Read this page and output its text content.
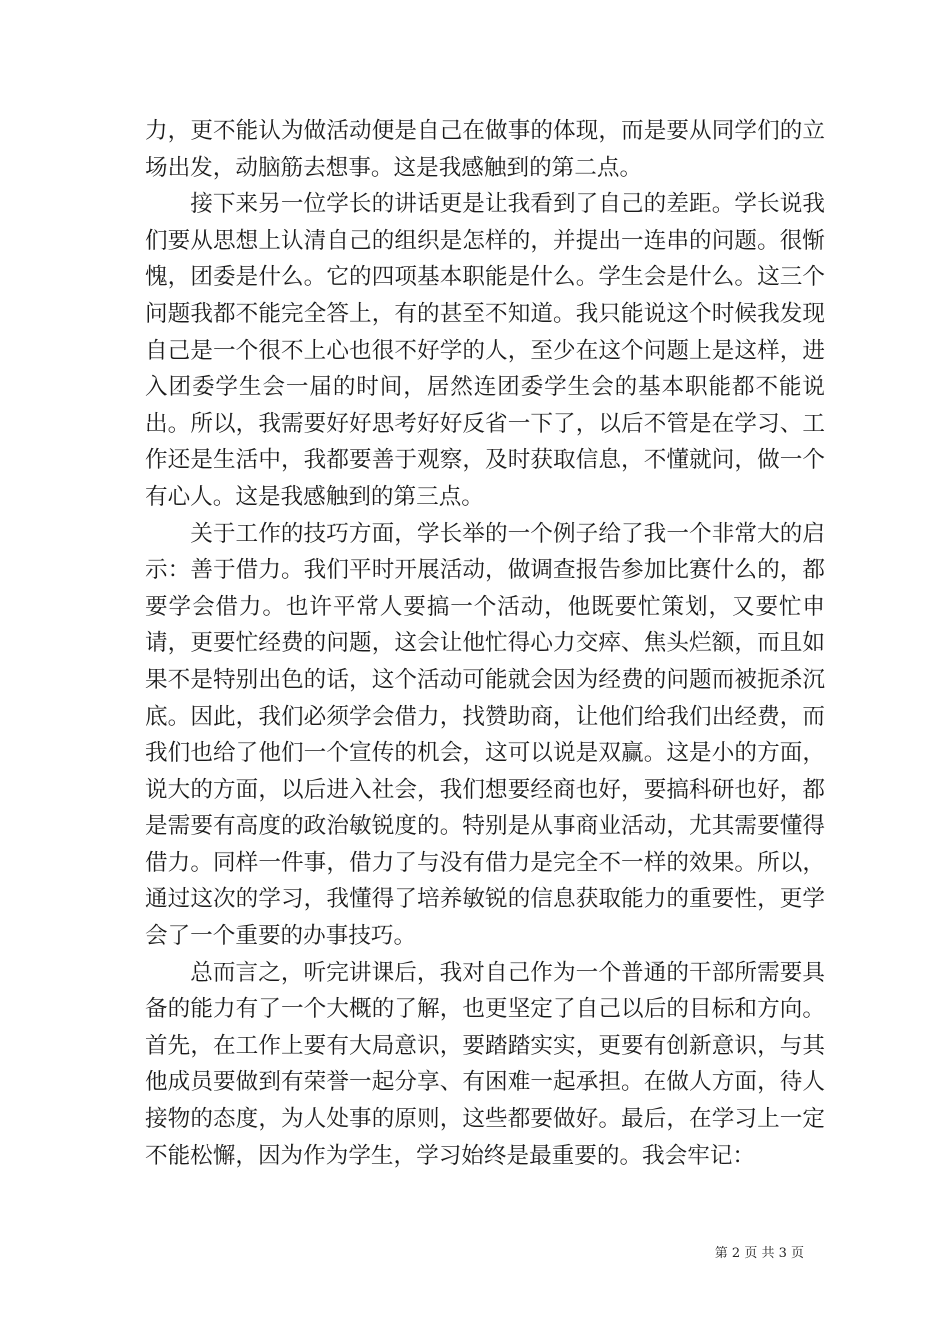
力，更不能认为做活动便是自己在做事的体现，而是要从同学们的立场出发，动脑筋去想事。这是我感触到的第二点。

接下来另一位学长的讲话更是让我看到了自己的差距。学长说我们要从思想上认清自己的组织是怎样的，并提出一连串的问题。很惭愧，团委是什么。它的四项基本职能是什么。学生会是什么。这三个问题我都不能完全答上，有的甚至不知道。我只能说这个时候我发现自己是一个很不上心也很不好学的人，至少在这个问题上是这样，进入团委学生会一届的时间，居然连团委学生会的基本职能都不能说出。所以，我需要好好思考好好反省一下了，以后不管是在学习、工作还是生活中，我都要善于观察，及时获取信息，不懂就问，做一个有心人。这是我感触到的第三点。

关于工作的技巧方面，学长举的一个例子给了我一个非常大的启示：善于借力。我们平时开展活动，做调查报告参加比赛什么的，都要学会借力。也许平常人要搞一个活动，他既要忙策划，又要忙申请，更要忙经费的问题，这会让他忙得心力交瘁、焦头烂额，而且如果不是特别出色的话，这个活动可能就会因为经费的问题而被扼杀沉底。因此，我们必须学会借力，找赞助商，让他们给我们出经费，而我们也给了他们一个宣传的机会，这可以说是双赢。这是小的方面，说大的方面，以后进入社会，我们想要经商也好，要搞科研也好，都是需要有高度的政治敏锐度的。特别是从事商业活动，尤其需要懂得借力。同样一件事，借力了与没有借力是完全不一样的效果。所以，通过这次的学习，我懂得了培养敏锐的信息获取能力的重要性，更学会了一个重要的办事技巧。

总而言之，听完讲课后，我对自己作为一个普通的干部所需要具备的能力有了一个大概的了解，也更坚定了自己以后的目标和方向。首先，在工作上要有大局意识，要踏踏实实，更要有创新意识，与其他成员要做到有荣誉一起分享、有困难一起承担。在做人方面，待人接物的态度，为人处事的原则，这些都要做好。最后，在学习上一定不能松懈，因为作为学生，学习始终是最重要的。我会牢记：

第 2 页 共 3 页
